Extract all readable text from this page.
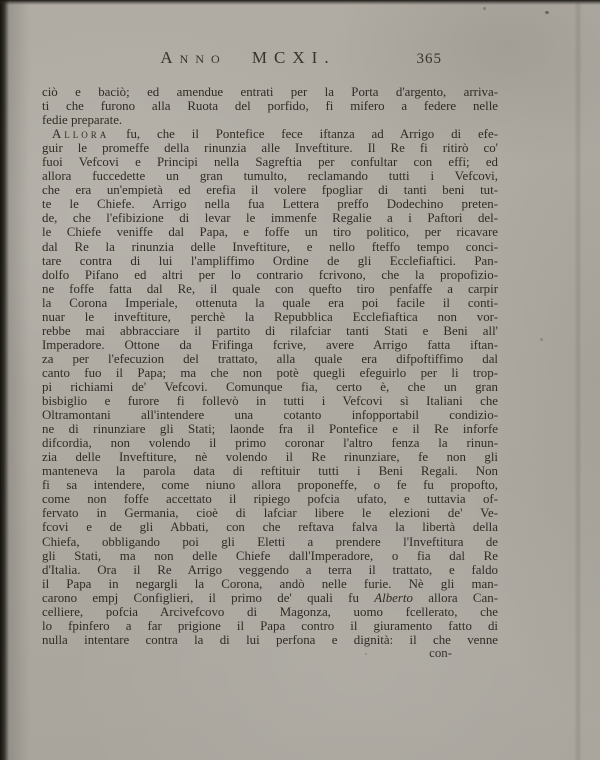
Anno MCXI.	365
ciò e baciò; ed amendue entrati per la Porta d'argento, arriva-
ti che furono alla Ruota del porfido, fi mifero a federe nelle
fedie preparate.
Allora fu, che il Pontefice fece iftanza ad Arrigo di efe-
guir le promeffe della rinunzia alle Inveftiture. Il Re fi ritirò co'
fuoi Vefcovi e Principi nella Sagreftia per confultar con effi; ed
allora fuccedette un gran tumulto, reclamando tutti i Vefcovi,
che era un'empietà ed erefia il volere fpogliar di tanti beni tut-
te le Chiefe. Arrigo nella fua Lettera preffo Dodechino preten-
de, che l'efibizione di levar le immenfe Regalie a i Paftori del-
le Chiefe veniffe dal Papa, e foffe un tiro politico, per ricavare
dal Re la rinunzia delle Inveftiture, e nello fteffo tempo conci-
tare contra di lui l'ampliffimo Ordine de gli Ecclefiaftici. Pan-
dolfo Pifano ed altri per lo contrario fcrivono, che la propofizio-
ne foffe fatta dal Re, il quale con quefto tiro penfaffe a carpir
la Corona Imperiale, ottenuta la quale era poi facile il conti-
nuar le inveftiture, perchè la Repubblica Ecclefiaftica non vor-
rebbe mai abbracciare il partito di rilafciar tanti Stati e Beni all'
Imperadore. Ottone da Frifinga fcrive, avere Arrigo fatta iftan-
za per l'efecuzion del trattato, alla quale era difpoftiffimo dal
canto fuo il Papa; ma che non potè quegli efeguirlo per li trop-
pi richiami de' Vefcovi. Comunque fia, certo è, che un gran
bisbiglio e furore fi follevò in tutti i Vefcovi sì Italiani che
Oltramontani all'intendere una cotanto infopportabil condizio-
ne di rinunziare gli Stati; laonde fra il Pontefice e il Re inforfe
difcordia, non volendo il primo coronar l'altro fenza la rinun-
zia delle Inveftiture, nè volendo il Re rinunziare, fe non gli
manteneva la parola data di reftituir tutti i Beni Regali. Non
fi sa intendere, come niuno allora proponeffe, o fe fu propofto,
come non foffe accettato il ripiego pofcia ufato, e tuttavia of-
fervato in Germania, cioè di lafciar libere le elezioni de' Ve-
fcovi e de gli Abbati, con che reftava falva la libertà della
Chiefa, obbligando poi gli Eletti a prendere l'Inveftitura de
gli Stati, ma non delle Chiefe dall'Imperadore, o fia dal Re
d'Italia. Ora il Re Arrigo veggendo a terra il trattato, e faldo
il Papa in negargli la Corona, andò nelle furie. Nè gli man-
carono empj Configlieri, il primo de' quali fu Alberto allora Can-
celliere, pofcia Arcivefcovo di Magonza, uomo fcellerato, che
lo fpinfero a far prigione il Papa contro il giuramento fatto di
nulla intentare contra la di lui perfona e dignità: il che venne
con-
